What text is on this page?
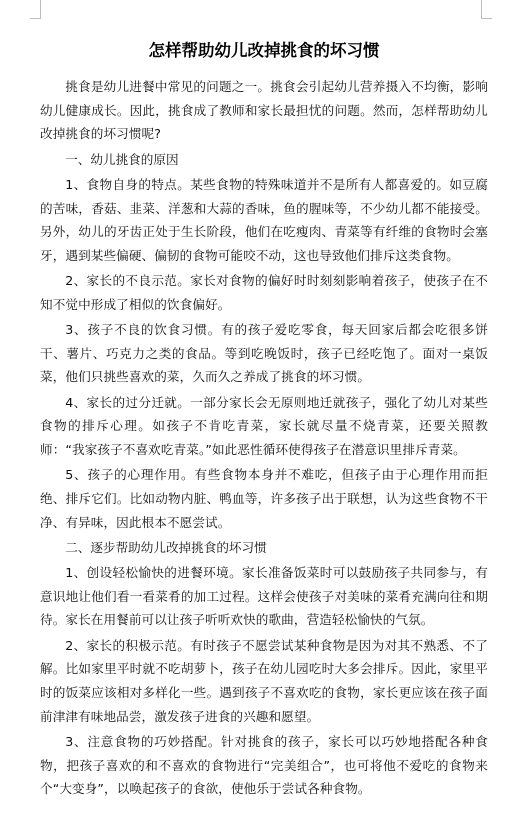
怎样帮助幼儿改掉挑食的坏习惯

挑食是幼儿进餐中常见的问题之一。挑食会引起幼儿营养摄入不均衡，影响幼儿健康成长。因此，挑食成了教师和家长最担忧的问题。然而，怎样帮助幼儿改掉挑食的坏习惯呢?

一、幼儿挑食的原因

1、食物自身的特点。某些食物的特殊味道并不是所有人都喜爱的。如豆腐的苦味，香菇、韭菜、洋葱和大蒜的香味，鱼的腥味等，不少幼儿都不能接受。另外，幼儿的牙齿正处于生长阶段，他们在吃瘦肉、青菜等有纤维的食物时会塞牙，遇到某些偏硬、偏韧的食物可能咬不动，这也导致他们排斥这类食物。

2、家长的不良示范。家长对食物的偏好时时刻刻影响着孩子，使孩子在不知不觉中形成了相似的饮食偏好。

3、孩子不良的饮食习惯。有的孩子爱吃零食，每天回家后都会吃很多饼干、薯片、巧克力之类的食品。等到吃晚饭时，孩子已经吃饱了。面对一桌饭菜，他们只挑些喜欢的菜，久而久之养成了挑食的坏习惯。

4、家长的过分迁就。一部分家长会无原则地迁就孩子，强化了幼儿对某些食物的排斥心理。如孩子不肯吃青菜，家长就尽量不烧青菜，还要关照教师：“我家孩子不喜欢吃青菜。”如此恶性循环使得孩子在潜意识里排斥青菜。

5、孩子的心理作用。有些食物本身并不难吃，但孩子由于心理作用而拒绝、排斥它们。比如动物内脏、鸭血等，许多孩子出于联想，认为这些食物不干净、有异味，因此根本不愿尝试。

二、逐步帮助幼儿改掉挑食的坏习惯

1、创设轻松愉快的进餐环境。家长准备饭菜时可以鼓励孩子共同参与，有意识地让他们看一看菜肴的加工过程。这样会使孩子对美味的菜肴充满向往和期待。家长在用餐前可以让孩子听听欢快的歌曲，营造轻松愉快的气氛。

2、家长的积极示范。有时孩子不愿尝试某种食物是因为对其不熟悉、不了解。比如家里平时就不吃胡萝卜，孩子在幼儿园吃时大多会排斥。因此，家里平时的饭菜应该相对多样化一些。遇到孩子不喜欢吃的食物，家长更应该在孩子面前津津有味地品尝，激发孩子进食的兴趣和愿望。

3、注意食物的巧妙搭配。针对挑食的孩子，家长可以巧妙地搭配各种食物，把孩子喜欢的和不喜欢的食物进行“完美组合”，也可将他不爱吃的食物来个“大变身”，以唤起孩子的食欲，使他乐于尝试各种食物。
